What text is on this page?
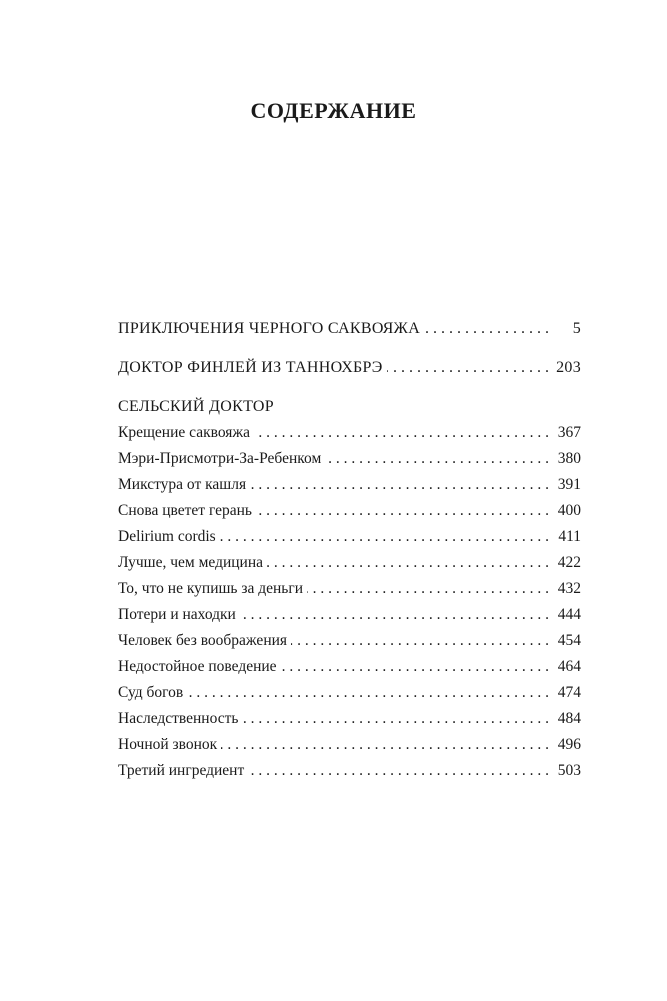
СОДЕРЖАНИЕ
ПРИКЛЮЧЕНИЯ ЧЕРНОГО САКВОЯЖА . . .	5
ДОКТОР ФИНЛЕЙ ИЗ ТАННОХБРЭ . . .	203
СЕЛЬСКИЙ ДОКТОР
Крещение саквояжа . . .	367
Мэри-Присмотри-За-Ребенком . . .	380
Микстура от кашля . . .	391
Снова цветет герань . . .	400
Delirium cordis . . .	411
Лучше, чем медицина . . .	422
То, что не купишь за деньги . . .	432
Потери и находки . . .	444
Человек без воображения . . .	454
Недостойное поведение . . .	464
Суд богов . . .	474
Наследственность . . .	484
Ночной звонок . . .	496
Третий ингредиент . . .	503
